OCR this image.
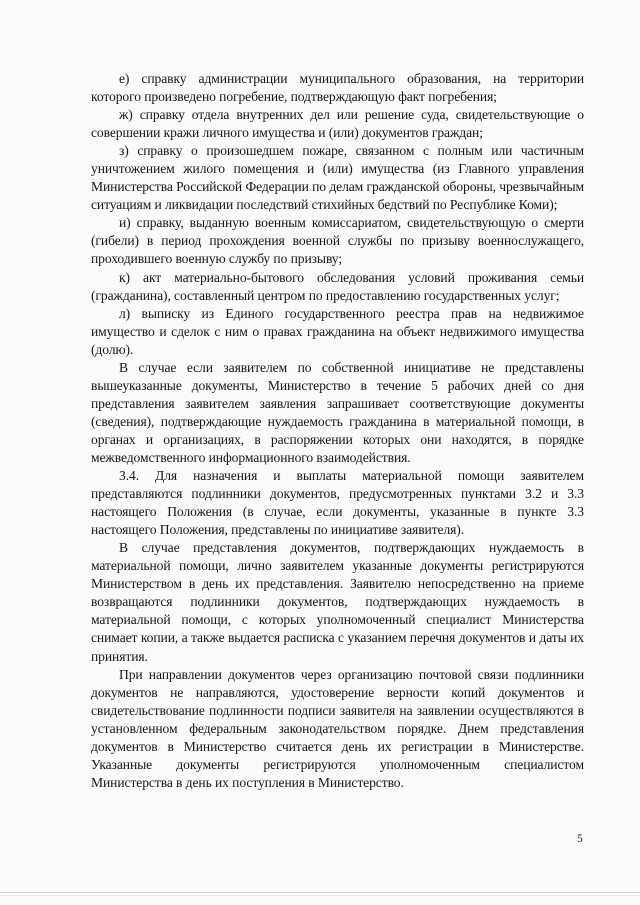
е) справку администрации муниципального образования, на территории которого произведено погребение, подтверждающую факт погребения;

ж) справку отдела внутренних дел или решение суда, свидетельствующие о совершении кражи личного имущества и (или) документов граждан;

з) справку о произошедшем пожаре, связанном с полным или частичным уничтожением жилого помещения и (или) имущества (из Главного управления Министерства Российской Федерации по делам гражданской обороны, чрезвычайным ситуациям и ликвидации последствий стихийных бедствий по Республике Коми);

и) справку, выданную военным комиссариатом, свидетельствующую о смерти (гибели) в период прохождения военной службы по призыву военнослужащего, проходившего военную службу по призыву;

к) акт материально-бытового обследования условий проживания семьи (гражданина), составленный центром по предоставлению государственных услуг;

л) выписку из Единого государственного реестра прав на недвижимое имущество и сделок с ним о правах гражданина на объект недвижимого имущества (долю).

В случае если заявителем по собственной инициативе не представлены вышеуказанные документы, Министерство в течение 5 рабочих дней со дня представления заявителем заявления запрашивает соответствующие документы (сведения), подтверждающие нуждаемость гражданина в материальной помощи, в органах и организациях, в распоряжении которых они находятся, в порядке межведомственного информационного взаимодействия.

3.4. Для назначения и выплаты материальной помощи заявителем представляются подлинники документов, предусмотренных пунктами 3.2 и 3.3 настоящего Положения (в случае, если документы, указанные в пункте 3.3 настоящего Положения, представлены по инициативе заявителя).

В случае представления документов, подтверждающих нуждаемость в материальной помощи, лично заявителем указанные документы регистрируются Министерством в день их представления. Заявителю непосредственно на приеме возвращаются подлинники документов, подтверждающих нуждаемость в материальной помощи, с которых уполномоченный специалист Министерства снимает копии, а также выдается расписка с указанием перечня документов и даты их принятия.

При направлении документов через организацию почтовой связи подлинники документов не направляются, удостоверение верности копий документов и свидетельствование подлинности подписи заявителя на заявлении осуществляются в установленном федеральным законодательством порядке. Днем представления документов в Министерство считается день их регистрации в Министерстве. Указанные документы регистрируются уполномоченным специалистом Министерства в день их поступления в Министерство.

5
